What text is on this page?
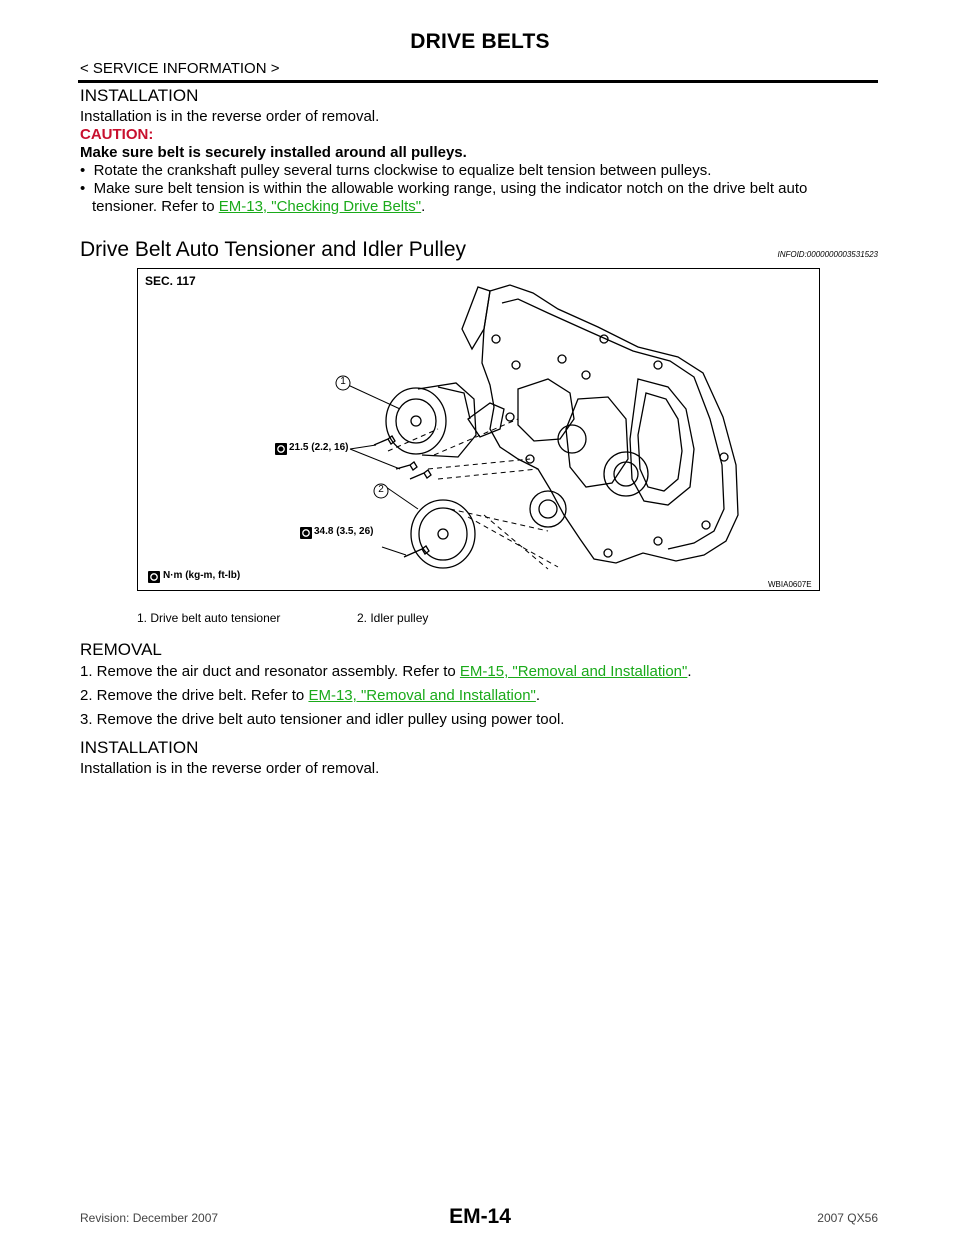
DRIVE BELTS
< SERVICE INFORMATION >
INSTALLATION
Installation is in the reverse order of removal.
CAUTION:
Make sure belt is securely installed around all pulleys.
•  Rotate the crankshaft pulley several turns clockwise to equalize belt tension between pulleys.
•  Make sure belt tension is within the allowable working range, using the indicator notch on the drive belt auto
tensioner. Refer to EM-13, "Checking Drive Belts".
Drive Belt Auto Tensioner and Idler Pulley	INFOID:0000000003531523
SEC. 117
1
2
21.5 (2.2, 16)
34.8 (3.5, 26)
N·m (kg-m, ft-lb)
WBIA0607E
1. Drive belt auto tensioner	2. Idler pulley
REMOVAL
1. Remove the air duct and resonator assembly. Refer to EM-15, "Removal and Installation".
2. Remove the drive belt. Refer to EM-13, "Removal and Installation".
3. Remove the drive belt auto tensioner and idler pulley using power tool.
INSTALLATION
Installation is in the reverse order of removal.
Revision: December 2007	EM-14	2007 QX56
